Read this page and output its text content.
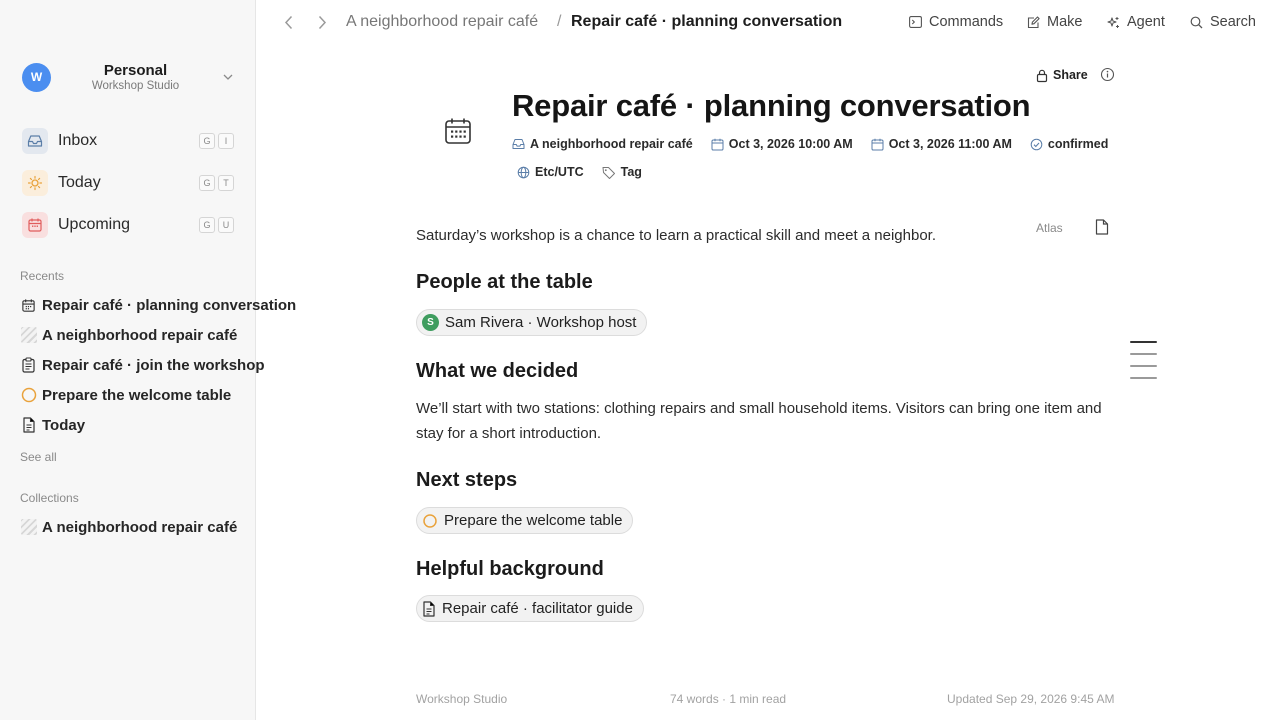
W	Personal
Workshop Studio
Inbox	G	I
Today	G	T
Upcoming	G	U
Recents
Repair café · planning conversation
A neighborhood repair café
Repair café · join the workshop
Prepare the welcome table
Today
See all
Collections
A neighborhood repair café
A neighborhood repair café / Repair café · planning conversation	Commands	Make	Agent	Search
Share
Repair café · planning conversation
A neighborhood repair café	Oct 3, 2026 10:00 AM	Oct 3, 2026 11:00 AM	confirmed
Etc/UTC	Tag

Saturday’s workshop is a chance to learn a practical skill and meet a neighbor.	Atlas
People at the table
S Sam Rivera · Workshop host
What we decided

We’ll start with two stations: clothing repairs and small household items. Visitors can bring one item and stay for a short introduction.

Next steps
Prepare the welcome table
Helpful background
Repair café · facilitator guide
Workshop Studio	74 words · 1 min read	Updated Sep 29, 2026 9:45 AM
